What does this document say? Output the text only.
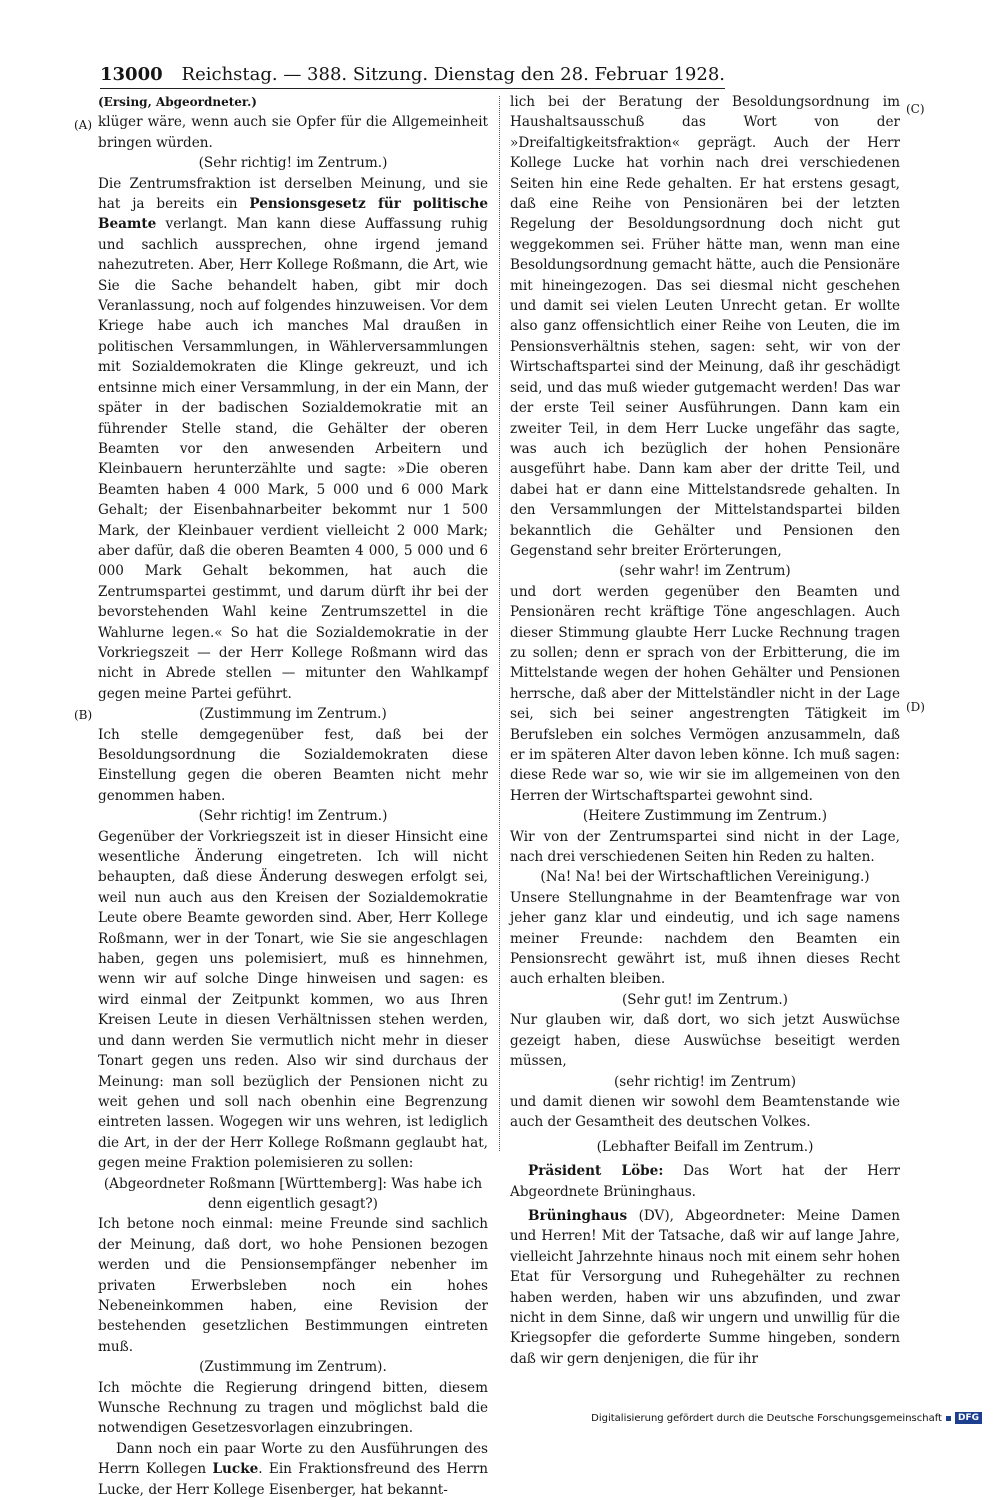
13000 Reichstag. — 388. Sitzung. Dienstag den 28. Februar 1928.
(A)
(B)
(C)
(D)

(Ersing, Abgeordneter.)

klüger wäre, wenn auch sie Opfer für die Allgemeinheit bringen würden.

(Sehr richtig! im Zentrum.)

Die Zentrumsfraktion ist derselben Meinung, und sie hat ja bereits ein Pensionsgesetz für politische Beamte verlangt. Man kann diese Auffassung ruhig und sachlich aussprechen, ohne irgend jemand nahezutreten. Aber, Herr Kollege Roßmann, die Art, wie Sie die Sache behandelt haben, gibt mir doch Veranlassung, noch auf folgendes hinzuweisen. Vor dem Kriege habe auch ich manches Mal draußen in politischen Versammlungen, in Wählerversammlungen mit Sozialdemokraten die Klinge gekreuzt, und ich entsinne mich einer Versammlung, in der ein Mann, der später in der badischen Sozialdemokratie mit an führender Stelle stand, die Gehälter der oberen Beamten vor den anwesenden Arbeitern und Kleinbauern herunterzählte und sagte: »Die oberen Beamten haben 4 000 Mark, 5 000 und 6 000 Mark Gehalt; der Eisenbahnarbeiter bekommt nur 1 500 Mark, der Kleinbauer verdient vielleicht 2 000 Mark; aber dafür, daß die oberen Beamten 4 000, 5 000 und 6 000 Mark Gehalt bekommen, hat auch die Zentrumspartei gestimmt, und darum dürft ihr bei der bevorstehenden Wahl keine Zentrumszettel in die Wahlurne legen.« So hat die Sozialdemokratie in der Vorkriegszeit — der Herr Kollege Roßmann wird das nicht in Abrede stellen — mitunter den Wahlkampf gegen meine Partei geführt.

(Zustimmung im Zentrum.)

Ich stelle demgegenüber fest, daß bei der Besoldungsordnung die Sozialdemokraten diese Einstellung gegen die oberen Beamten nicht mehr genommen haben.

(Sehr richtig! im Zentrum.)

Gegenüber der Vorkriegszeit ist in dieser Hinsicht eine wesentliche Änderung eingetreten. Ich will nicht behaupten, daß diese Änderung deswegen erfolgt sei, weil nun auch aus den Kreisen der Sozialdemokratie Leute obere Beamte geworden sind. Aber, Herr Kollege Roßmann, wer in der Tonart, wie Sie sie angeschlagen haben, gegen uns polemisiert, muß es hinnehmen, wenn wir auf solche Dinge hinweisen und sagen: es wird einmal der Zeitpunkt kommen, wo aus Ihren Kreisen Leute in diesen Verhältnissen stehen werden, und dann werden Sie vermutlich nicht mehr in dieser Tonart gegen uns reden. Also wir sind durchaus der Meinung: man soll bezüglich der Pensionen nicht zu weit gehen und soll nach obenhin eine Begrenzung eintreten lassen. Wogegen wir uns wehren, ist lediglich die Art, in der der Herr Kollege Roßmann geglaubt hat, gegen meine Fraktion polemisieren zu sollen:

(Abgeordneter Roßmann [Württemberg]: Was habe ich denn eigentlich gesagt?)

Ich betone noch einmal: meine Freunde sind sachlich der Meinung, daß dort, wo hohe Pensionen bezogen werden und die Pensionsempfänger nebenher im privaten Erwerbsleben noch ein hohes Nebeneinkommen haben, eine Revision der bestehenden gesetzlichen Bestimmungen eintreten muß.

(Zustimmung im Zentrum).

Ich möchte die Regierung dringend bitten, diesem Wunsche Rechnung zu tragen und möglichst bald die notwendigen Gesetzesvorlagen einzubringen.

Dann noch ein paar Worte zu den Ausführungen des Herrn Kollegen Lucke. Ein Fraktionsfreund des Herrn Lucke, der Herr Kollege Eisenberger, hat bekannt-

lich bei der Beratung der Besoldungsordnung im Haushaltsausschuß das Wort von der »Dreifaltigkeitsfraktion« geprägt. Auch der Herr Kollege Lucke hat vorhin nach drei verschiedenen Seiten hin eine Rede gehalten. Er hat erstens gesagt, daß eine Reihe von Pensionären bei der letzten Regelung der Besoldungsordnung doch nicht gut weggekommen sei. Früher hätte man, wenn man eine Besoldungsordnung gemacht hätte, auch die Pensionäre mit hineingezogen. Das sei diesmal nicht geschehen und damit sei vielen Leuten Unrecht getan. Er wollte also ganz offensichtlich einer Reihe von Leuten, die im Pensionsverhältnis stehen, sagen: seht, wir von der Wirtschaftspartei sind der Meinung, daß ihr geschädigt seid, und das muß wieder gutgemacht werden! Das war der erste Teil seiner Ausführungen. Dann kam ein zweiter Teil, in dem Herr Lucke ungefähr das sagte, was auch ich bezüglich der hohen Pensionäre ausgeführt habe. Dann kam aber der dritte Teil, und dabei hat er dann eine Mittelstandsrede gehalten. In den Versammlungen der Mittelstandspartei bilden bekanntlich die Gehälter und Pensionen den Gegenstand sehr breiter Erörterungen,

(sehr wahr! im Zentrum)

und dort werden gegenüber den Beamten und Pensionären recht kräftige Töne angeschlagen. Auch dieser Stimmung glaubte Herr Lucke Rechnung tragen zu sollen; denn er sprach von der Erbitterung, die im Mittelstande wegen der hohen Gehälter und Pensionen herrsche, daß aber der Mittelständler nicht in der Lage sei, sich bei seiner angestrengten Tätigkeit im Berufsleben ein solches Vermögen anzusammeln, daß er im späteren Alter davon leben könne. Ich muß sagen: diese Rede war so, wie wir sie im allgemeinen von den Herren der Wirtschaftspartei gewohnt sind.

(Heitere Zustimmung im Zentrum.)

Wir von der Zentrumspartei sind nicht in der Lage, nach drei verschiedenen Seiten hin Reden zu halten.

(Na! Na! bei der Wirtschaftlichen Vereinigung.)

Unsere Stellungnahme in der Beamtenfrage war von jeher ganz klar und eindeutig, und ich sage namens meiner Freunde: nachdem den Beamten ein Pensionsrecht gewährt ist, muß ihnen dieses Recht auch erhalten bleiben.

(Sehr gut! im Zentrum.)

Nur glauben wir, daß dort, wo sich jetzt Auswüchse gezeigt haben, diese Auswüchse beseitigt werden müssen,

(sehr richtig! im Zentrum)

und damit dienen wir sowohl dem Beamtenstande wie auch der Gesamtheit des deutschen Volkes.

(Lebhafter Beifall im Zentrum.)

Präsident Löbe: Das Wort hat der Herr Abgeordnete Brüninghaus.

Brüninghaus (DV), Abgeordneter: Meine Damen und Herren! Mit der Tatsache, daß wir auf lange Jahre, vielleicht Jahrzehnte hinaus noch mit einem sehr hohen Etat für Versorgung und Ruhegehälter zu rechnen haben werden, haben wir uns abzufinden, und zwar nicht in dem Sinne, daß wir ungern und unwillig für die Kriegsopfer die geforderte Summe hingeben, sondern daß wir gern denjenigen, die für ihr

Digitalisierung gefördert durch die Deutsche Forschungsgemeinschaft DFG
